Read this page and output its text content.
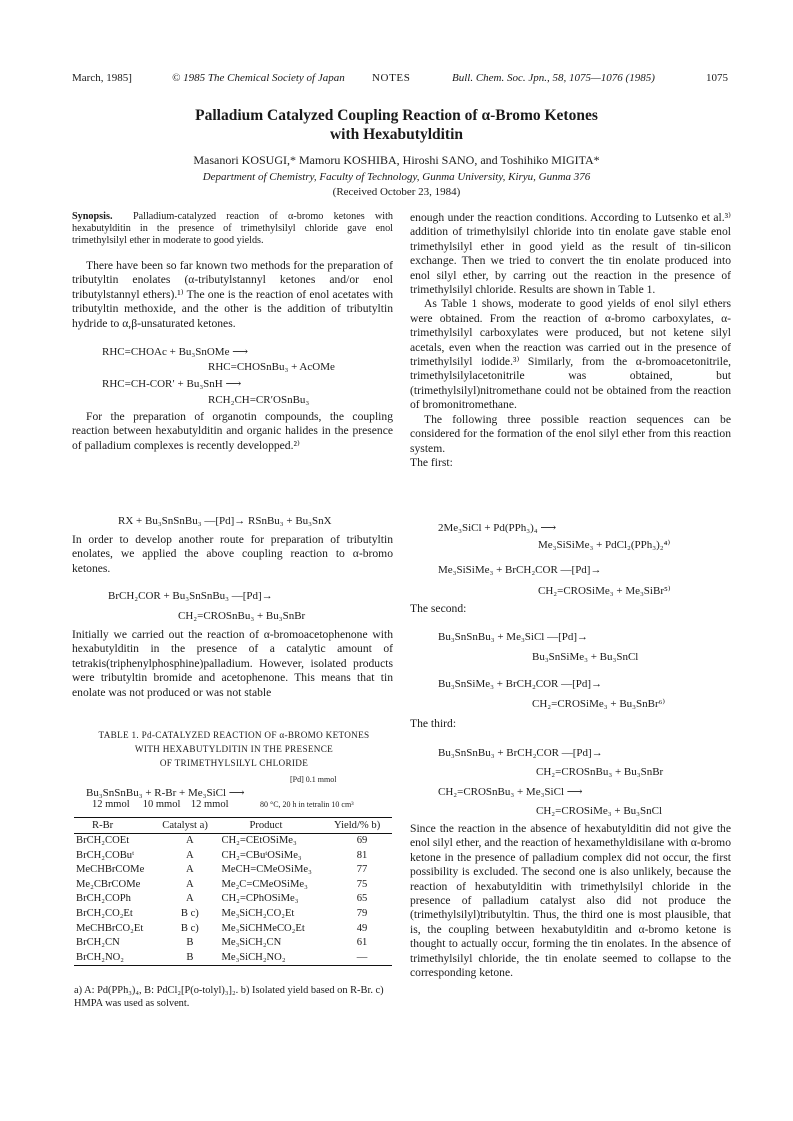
March, 1985]	© 1985 The Chemical Society of Japan NOTES	Bull. Chem. Soc. Jpn., 58, 1075—1076 (1985)	1075
Palladium Catalyzed Coupling Reaction of α-Bromo Ketones
with Hexabutylditin
Masanori KOSUGI,* Mamoru KOSHIBA, Hiroshi SANO, and Toshihiko MIGITA*
Department of Chemistry, Faculty of Technology, Gunma University, Kiryu, Gunma 376
(Received October 23, 1984)

Synopsis. Palladium-catalyzed reaction of α-bromo ketones with hexabutylditin in the presence of trimethylsilyl chloride gave enol trimethylsilyl ether in moderate to good yields.

There have been so far known two methods for the preparation of tributyltin enolates (α-tributylstannyl ketones and/or enol tributylstannyl ethers).¹⁾ The one is the reaction of enol acetates with tributyltin methoxide, and the other is the addition of tributyltin hydride to α,β-unsaturated ketones.

RHC=CHOAc + Bu₃SnOMe ⟶
RHC=CHOSnBu₃ + AcOMe
RHC=CH-COR′ + Bu₃SnH ⟶
RCH₂CH=CR′OSnBu₃

For the preparation of organotin compounds, the coupling reaction between hexabutylditin and organic halides in the presence of palladium complexes is recently developped.²⁾

RX + Bu₃SnSnBu₃ —[Pd]→ RSnBu₃ + Bu₃SnX

In order to develop another route for preparation of tributyltin enolates, we applied the above coupling reaction to α-bromo ketones.

BrCH₂COR + Bu₃SnSnBu₃ —[Pd]→
CH₂=CROSnBu₃ + Bu₃SnBr

Initially we carried out the reaction of α-bromoacetophenone with hexabutylditin in the presence of a catalytic amount of tetrakis(triphenylphosphine)palladium. However, isolated products were tributyltin bromide and acetophenone. This means that tin enolate was not produced or was not stable

TABLE 1. Pd-CATALYZED REACTION OF α-BROMO KETONES
WITH HEXABUTYLDITIN IN THE PRESENCE
OF TRIMETHYLSILYL CHLORIDE
[Pd] 0.1 mmol
Bu₃SnSnBu₃ + R-Br + Me₃SiCl ⟶
12 mmol     10 mmol    12 mmol	80 °C, 20 h in tetralin 10 cm³
R-Br	Catalyst a)	Product	Yield/% b)
BrCH₂COEt	A	CH₂=CEtOSiMe₃	69
BrCH₂COBuᵗ	A	CH₂=CBuᵗOSiMe₃	81
MeCHBrCOMe	A	MeCH=CMeOSiMe₃	77
Me₂CBrCOMe	A	Me₂C=CMeOSiMe₃	75
BrCH₂COPh	A	CH₂=CPhOSiMe₃	65
BrCH₂CO₂Et	B c)	Me₃SiCH₂CO₂Et	79
MeCHBrCO₂Et	B c)	Me₃SiCHMeCO₂Et	49
BrCH₂CN	B	Me₃SiCH₂CN	61
BrCH₂NO₂	B	Me₃SiCH₂NO₂	—
a) A: Pd(PPh₃)₄, B: PdCl₂[P(o-tolyl)₃]₂. b) Isolated yield based on R-Br. c) HMPA was used as solvent.

enough under the reaction conditions. According to Lutsenko et al.³⁾ addition of trimethylsilyl chloride into tin enolate gave stable enol trimethylsilyl ether in good yield as the result of tin-silicon exchange. Then we tried to convert the tin enolate produced into enol silyl ether, by carring out the reaction in the presence of trimethylsilyl chloride. Results are shown in Table 1.

As Table 1 shows, moderate to good yields of enol silyl ethers were obtained. From the reaction of α-bromo carboxylates, α-trimethylsilyl carboxylates were produced, but not ketene silyl acetals, even when the reaction was carried out in the presence of trimethylsilyl iodide.³⁾ Similarly, from the α-bromoacetonitrile, trimethylsilylacetonitrile was obtained, but (trimethylsilyl)nitromethane could not be obtained from the reaction of bromonitromethane.

The following three possible reaction sequences can be considered for the formation of the enol silyl ether from this reaction system.

The first:

2Me₃SiCl + Pd(PPh₃)₄ ⟶
Me₃SiSiMe₃ + PdCl₂(PPh₃)₂⁴⁾
Me₃SiSiMe₃ + BrCH₂COR —[Pd]→
CH₂=CROSiMe₃ + Me₃SiBr⁵⁾

The second:

Bu₃SnSnBu₃ + Me₃SiCl —[Pd]→
Bu₃SnSiMe₃ + Bu₃SnCl
Bu₃SnSiMe₃ + BrCH₂COR —[Pd]→
CH₂=CROSiMe₃ + Bu₃SnBr⁶⁾

The third:

Bu₃SnSnBu₃ + BrCH₂COR —[Pd]→
CH₂=CROSnBu₃ + Bu₃SnBr
CH₂=CROSnBu₃ + Me₃SiCl ⟶
CH₂=CROSiMe₃ + Bu₃SnCl

Since the reaction in the absence of hexabutylditin did not give the enol silyl ether, and the reaction of hexamethyldisilane with α-bromo ketone in the presence of palladium complex did not occur, the first possibility is excluded. The second one is also unlikely, because the reaction of hexabutylditin with trimethylsilyl chloride in the presence of palladium catalyst also did not produce the (trimethylsilyl)tributyltin. Thus, the third one is most plausible, that is, the coupling between hexabutylditin and α-bromo ketone is thought to actually occur, forming the tin enolates. In the absence of trimethylsilyl chloride, the tin enolate seemed to collapse to the corresponding ketone.
